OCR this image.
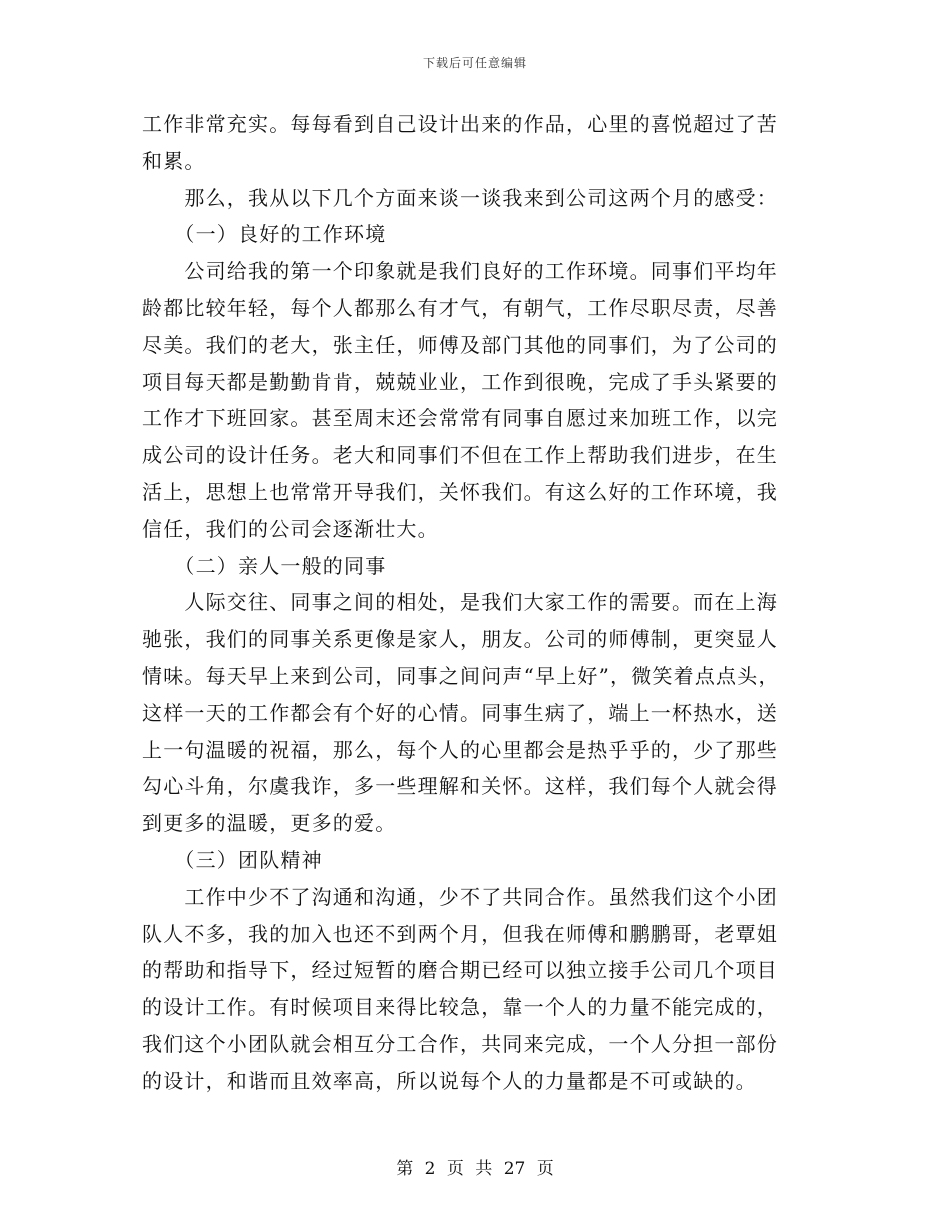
下载后可任意编辑
工作非常充实。每每看到自己设计出来的作品，心里的喜悦超过了苦
和累。
　　那么，我从以下几个方面来谈一谈我来到公司这两个月的感受：
　　（一）良好的工作环境
　　公司给我的第一个印象就是我们良好的工作环境。同事们平均年
龄都比较年轻，每个人都那么有才气，有朝气，工作尽职尽责，尽善
尽美。我们的老大，张主任，师傅及部门其他的同事们，为了公司的
项目每天都是勤勤肯肯，兢兢业业，工作到很晚，完成了手头紧要的
工作才下班回家。甚至周末还会常常有同事自愿过来加班工作，以完
成公司的设计任务。老大和同事们不但在工作上帮助我们进步，在生
活上，思想上也常常开导我们，关怀我们。有这么好的工作环境，我
信任，我们的公司会逐渐壮大。
　　（二）亲人一般的同事
　　人际交往、同事之间的相处，是我们大家工作的需要。而在上海
驰张，我们的同事关系更像是家人，朋友。公司的师傅制，更突显人
情味。每天早上来到公司，同事之间问声“早上好”，微笑着点点头，
这样一天的工作都会有个好的心情。同事生病了，端上一杯热水，送
上一句温暖的祝福，那么，每个人的心里都会是热乎乎的，少了那些
勾心斗角，尔虞我诈，多一些理解和关怀。这样，我们每个人就会得
到更多的温暖，更多的爱。
　　（三）团队精神
　　工作中少不了沟通和沟通，少不了共同合作。虽然我们这个小团
队人不多，我的加入也还不到两个月，但我在师傅和鹏鹏哥，老覃姐
的帮助和指导下，经过短暂的磨合期已经可以独立接手公司几个项目
的设计工作。有时候项目来得比较急，靠一个人的力量不能完成的，
我们这个小团队就会相互分工合作，共同来完成，一个人分担一部份
的设计，和谐而且效率高，所以说每个人的力量都是不可或缺的。
第 2 页 共 27 页
